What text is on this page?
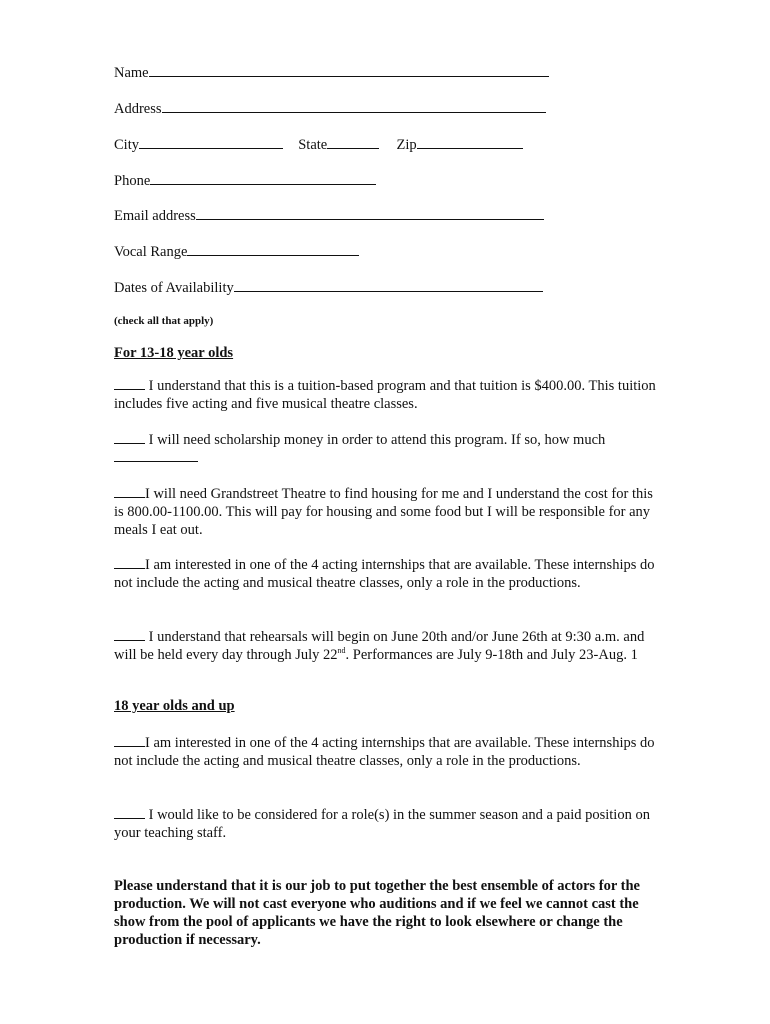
Name
Address
City	State	Zip
Phone
Email address
Vocal Range
Dates of Availability
(check all that apply)
For 13-18 year olds
I understand that this is a tuition-based program and that tuition is $400.00. This tuition includes five acting and five musical theatre classes.
I will need scholarship money in order to attend this program. If so, how much
I will need Grandstreet Theatre to find housing for me and I understand the cost for this is 800.00-1100.00. This will pay for housing and some food but I will be responsible for any meals I eat out.
I am interested in one of the 4 acting internships that are available. These internships do not include the acting and musical theatre classes, only a role in the productions.
I understand that rehearsals will begin on June 20th and/or June 26th at 9:30 a.m. and will be held every day through July 22nd. Performances are July 9-18th and July 23-Aug. 1
18 year olds and up
I am interested in one of the 4 acting internships that are available. These internships do not include the acting and musical theatre classes, only a role in the productions.
I would like to be considered for a role(s) in the summer season and a paid position on your teaching staff.
Please understand that it is our job to put together the best ensemble of actors for the production. We will not cast everyone who auditions and if we feel we cannot cast the show from the pool of applicants we have the right to look elsewhere or change the production if necessary.
